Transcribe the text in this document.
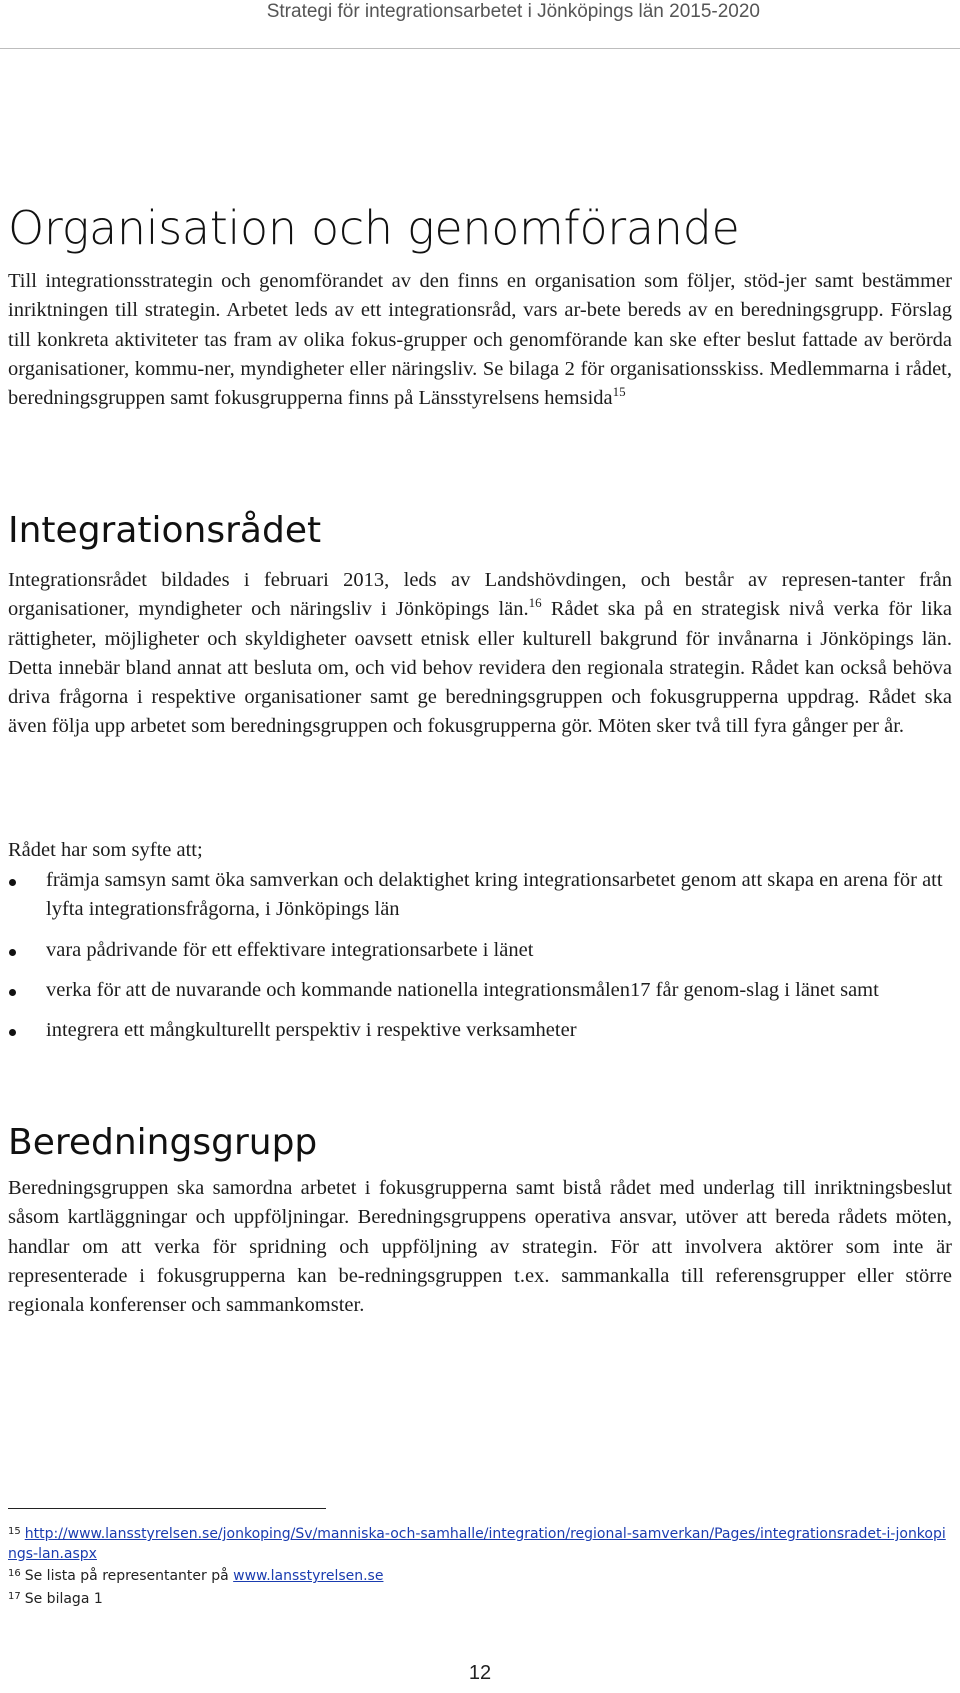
Strategi för integrationsarbetet i Jönköpings län 2015-2020
Organisation och genomförande

Till integrationsstrategin och genomförandet av den finns en organisation som följer, stöd-jer samt bestämmer inriktningen till strategin. Arbetet leds av ett integrationsråd, vars ar-bete bereds av en beredningsgrupp. Förslag till konkreta aktiviteter tas fram av olika fokus-grupper och genomförande kan ske efter beslut fattade av berörda organisationer, kommu-ner, myndigheter eller näringsliv. Se bilaga 2 för organisationsskiss. Medlemmarna i rådet, beredningsgruppen samt fokusgrupperna finns på Länsstyrelsens hemsida$^{15}$

Integrationsrådet

Integrationsrådet bildades i februari 2013, leds av Landshövdingen, och består av represen-tanter från organisationer, myndigheter och näringsliv i Jönköpings län.$^{16}$ Rådet ska på en strategisk nivå verka för lika rättigheter, möjligheter och skyldigheter oavsett etnisk eller kulturell bakgrund för invånarna i Jönköpings län. Detta innebär bland annat att besluta om, och vid behov revidera den regionala strategin. Rådet kan också behöva driva frågorna i respektive organisationer samt ge beredningsgruppen och fokusgrupperna uppdrag. Rådet ska även följa upp arbetet som beredningsgruppen och fokusgrupperna gör. Möten sker två till fyra gånger per år.

Rådet har som syfte att;

främja samsyn samt öka samverkan och delaktighet kring integrationsarbetet genom att skapa en arena för att lyfta integrationsfrågorna, i Jönköpings län
vara pådrivande för ett effektivare integrationsarbete i länet
verka för att de nuvarande och kommande nationella integrationsmålen17 får genom-slag i länet samt
integrera ett mångkulturellt perspektiv i respektive verksamheter
Beredningsgrupp

Beredningsgruppen ska samordna arbetet i fokusgrupperna samt bistå rådet med underlag till inriktningsbeslut såsom kartläggningar och uppföljningar. Beredningsgruppens operativa ansvar, utöver att bereda rådets möten, handlar om att verka för spridning och uppföljning av strategin. För att involvera aktörer som inte är representerade i fokusgrupperna kan be-redningsgruppen t.ex. sammankalla till referensgrupper eller större regionala konferenser och sammankomster.

$^{15}$ http://www.lansstyrelsen.se/jonkoping/Sv/manniska-och-samhalle/integration/regional-samverkan/Pages/integrationsradet-i-jonkopings-lan.aspx

$^{16}$ Se lista på representanter på www.lansstyrelsen.se

$^{17}$ Se bilaga 1

12
